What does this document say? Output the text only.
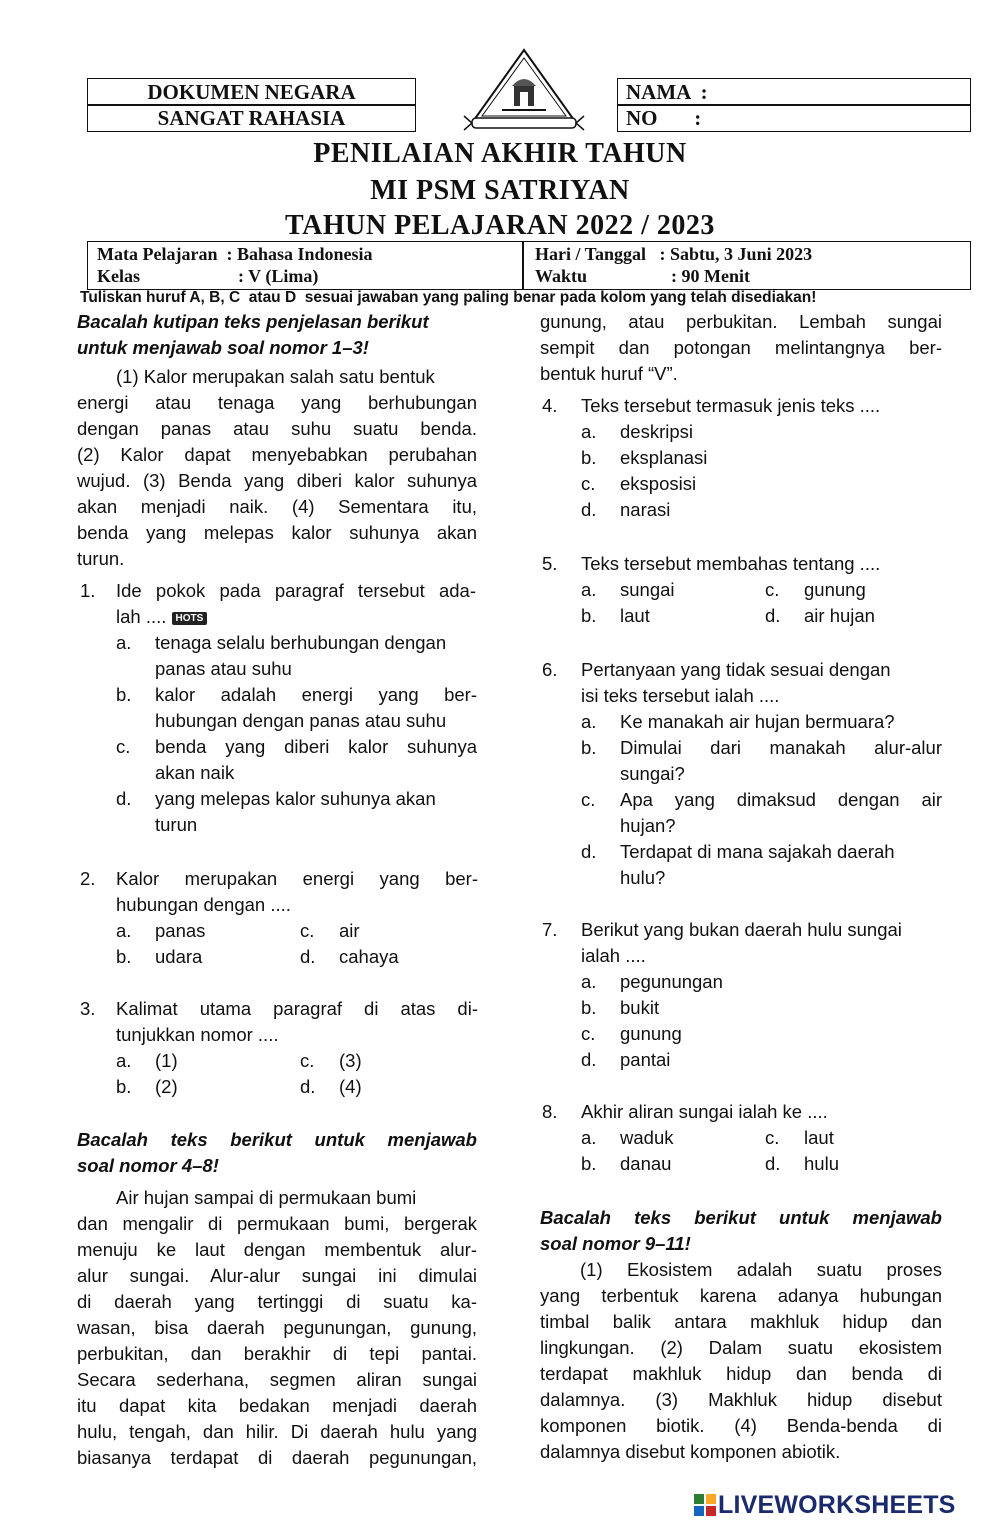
DOKUMEN NEGARA
SANGAT RAHASIA
NAMA  :
NO       :
PENILAIAN AKHIR TAHUN
MI PSM SATRIYAN
TAHUN PELAJARAN 2022 / 2023
Mata Pelajaran  : Bahasa Indonesia
Kelas	: V (Lima)
Hari / Tanggal   : Sabtu, 3 Juni 2023
Waktu	: 90 Menit
Tuliskan huruf A, B, C  atau D  sesuai jawaban yang paling benar pada kolom yang telah disediakan!
Bacalah kutipan teks penjelasan berikut
untuk menjawab soal nomor 1–3!
(1) Kalor merupakan salah satu bentuk
energi atau tenaga yang berhubungan
dengan panas atau suhu suatu benda.
(2) Kalor dapat menyebabkan perubahan
wujud. (3) Benda yang diberi kalor suhunya
akan menjadi naik. (4) Sementara itu,
benda yang melepas kalor suhunya akan
turun.
1. Ide pokok pada paragraf tersebut ada-
lah .... HOTS
a. tenaga selalu berhubungan dengan
panas atau suhu
b. kalor adalah energi yang ber-
hubungan dengan panas atau suhu
c. benda yang diberi kalor suhunya
akan naik
d. yang melepas kalor suhunya akan
turun
2. Kalor merupakan energi yang ber-
hubungan dengan ....
a. panas	c. air
b. udara	d. cahaya
3. Kalimat utama paragraf di atas di-
tunjukkan nomor ....
a. (1)	c. (3)
b. (2)	d. (4)
Bacalah teks berikut untuk menjawab
soal nomor 4–8!
Air hujan sampai di permukaan bumi
dan mengalir di permukaan bumi, bergerak
menuju ke laut dengan membentuk alur-
alur sungai. Alur-alur sungai ini dimulai
di daerah yang tertinggi di suatu ka-
wasan, bisa daerah pegunungan, gunung,
perbukitan, dan berakhir di tepi pantai.
Secara sederhana, segmen aliran sungai
itu dapat kita bedakan menjadi daerah
hulu, tengah, dan hilir. Di daerah hulu yang
biasanya terdapat di daerah pegunungan,
gunung, atau perbukitan. Lembah sungai
sempit dan potongan melintangnya ber-
bentuk huruf “V”.
4. Teks tersebut termasuk jenis teks ....
a. deskripsi
b. eksplanasi
c. eksposisi
d. narasi
5. Teks tersebut membahas tentang ....
a. sungai	c. gunung
b. laut	d. air hujan
6. Pertanyaan yang tidak sesuai dengan
isi teks tersebut ialah ....
a. Ke manakah air hujan bermuara?
b. Dimulai dari manakah alur-alur
sungai?
c. Apa yang dimaksud dengan air
hujan?
d. Terdapat di mana sajakah daerah
hulu?
7. Berikut yang bukan daerah hulu sungai
ialah ....
a. pegunungan
b. bukit
c. gunung
d. pantai
8. Akhir aliran sungai ialah ke ....
a. waduk	c. laut
b. danau	d. hulu
Bacalah teks berikut untuk menjawab
soal nomor 9–11!
(1) Ekosistem adalah suatu proses
yang terbentuk karena adanya hubungan
timbal balik antara makhluk hidup dan
lingkungan. (2) Dalam suatu ekosistem
terdapat makhluk hidup dan benda di
dalamnya. (3) Makhluk hidup disebut
komponen biotik. (4) Benda-benda di
dalamnya disebut komponen abiotik.
LIVEWORKSHEETS
